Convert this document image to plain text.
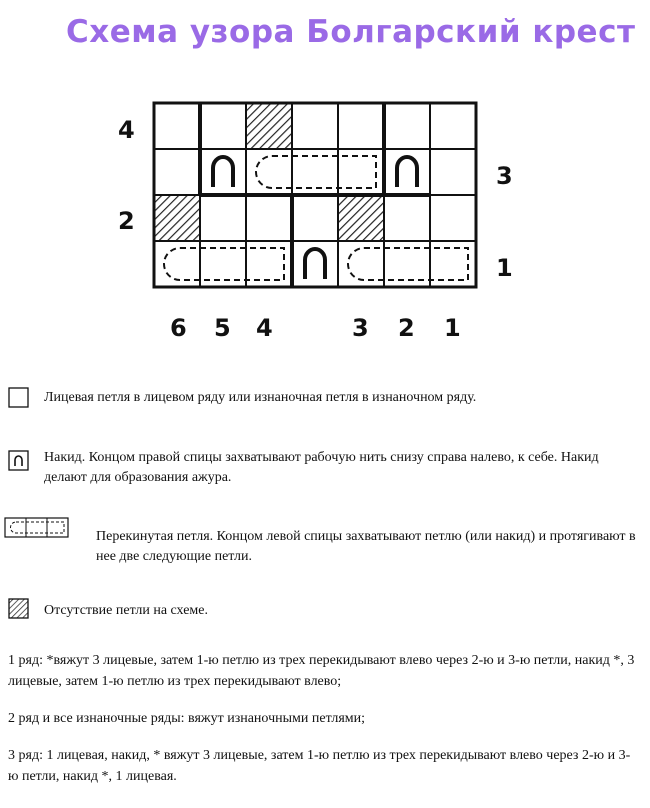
Схема узора Болгарский крест
4
2
3
1
6 5 4	3 2 1
Лицевая петля в лицевом ряду или изнаночная петля в изнаночном ряду.
Накид. Концом правой спицы захватывают рабочую нить снизу справа налево, к себе. Накид делают для образования ажура.
Перекинутая петля. Концом левой спицы захватывают петлю (или накид) и протягивают в нее две следующие петли.
Отсутствие петли на схеме.

1 ряд: *вяжут 3 лицевые, затем 1-ю петлю из трех перекидывают влево через 2-ю и 3-ю петли, накид *, 3 лицевые, затем 1-ю петлю из трех перекидывают влево;

2 ряд и все изнаночные ряды: вяжут изнаночными петлями;

3 ряд: 1 лицевая, накид, * вяжут 3 лицевые, затем 1-ю петлю из трех перекидывают влево через 2-ю и 3-ю петли, накид *, 1 лицевая.
